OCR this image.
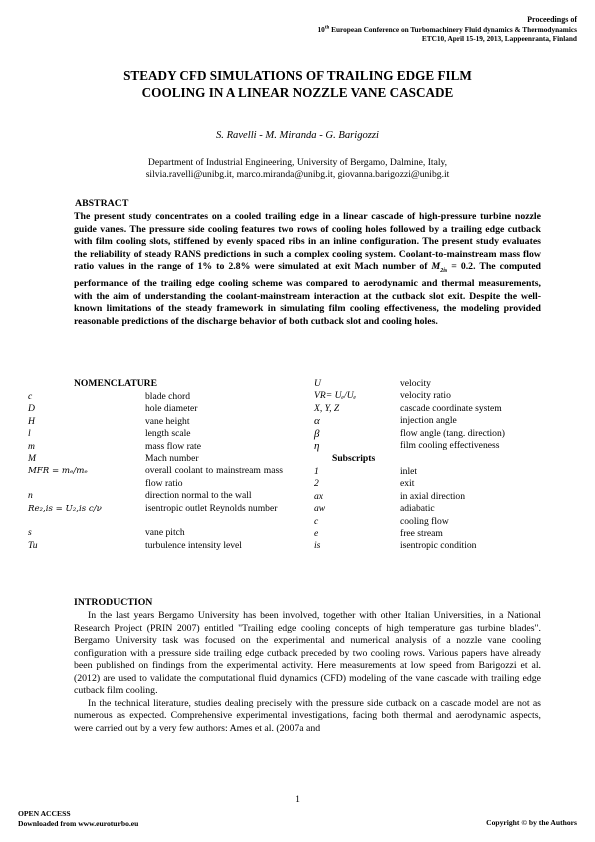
Proceedings of
10th European Conference on Turbomachinery Fluid dynamics & Thermodynamics
ETC10, April 15-19, 2013, Lappeenranta, Finland
STEADY CFD SIMULATIONS OF TRAILING EDGE FILM
COOLING IN A LINEAR NOZZLE VANE CASCADE
S. Ravelli - M. Miranda - G. Barigozzi
Department of Industrial Engineering, University of Bergamo, Dalmine, Italy,
silvia.ravelli@unibg.it, marco.miranda@unibg.it, giovanna.barigozzi@unibg.it
ABSTRACT
The present study concentrates on a cooled trailing edge in a linear cascade of high-pressure turbine nozzle guide vanes. The pressure side cooling features two rows of cooling holes followed by a trailing edge cutback with film cooling slots, stiffened by evenly spaced ribs in an inline configuration. The present study evaluates the reliability of steady RANS predictions in such a complex cooling system. Coolant-to-mainstream mass flow ratio values in the range of 1% to 2.8% were simulated at exit Mach number of $M_{2is} = 0.2$. The computed performance of the trailing edge cooling scheme was compared to aerodynamic and thermal measurements, with the aim of understanding the coolant-mainstream interaction at the cutback slot exit. Despite the well-known limitations of the steady framework in simulating film cooling effectiveness, the modeling provided reasonable predictions of the discharge behavior of both cutback slot and cooling holes.
NOMENCLATURE
c	blade chord
D	hole diameter
H	vane height
l	length scale
m	mass flow rate
M	Mach number
MFR = mₑ/mₑ	overall coolant to mainstream mass flow ratio
n	direction normal to the wall
Re₂,is = U₂,is c/ν	isentropic outlet Reynolds number
s	vane pitch
Tu	turbulence intensity level
U	velocity
VR= Uₑ/Uₑ	velocity ratio
X, Y, Z	cascade coordinate system
α	injection angle
β	flow angle (tang. direction)
η	film cooling effectiveness
Subscripts
1	inlet
2	exit
ax	in axial direction
aw	adiabatic
c	cooling flow
e	free stream
is	isentropic condition
INTRODUCTION

In the last years Bergamo University has been involved, together with other Italian Universities, in a National Research Project (PRIN 2007) entitled "Trailing edge cooling concepts of high temperature gas turbine blades". Bergamo University task was focused on the experimental and numerical analysis of a nozzle vane cooling configuration with a pressure side trailing edge cutback preceded by two cooling rows. Various papers have already been published on findings from the experimental activity. Here measurements at low speed from Barigozzi et al. (2012) are used to validate the computational fluid dynamics (CFD) modeling of the vane cascade with trailing edge cutback film cooling.

In the technical literature, studies dealing precisely with the pressure side cutback on a cascade model are not as numerous as expected. Comprehensive experimental investigations, facing both thermal and aerodynamic aspects, were carried out by a very few authors: Ames et al. (2007a and

1
OPEN ACCESS
Downloaded from www.euroturbo.eu	Copyright © by the Authors
